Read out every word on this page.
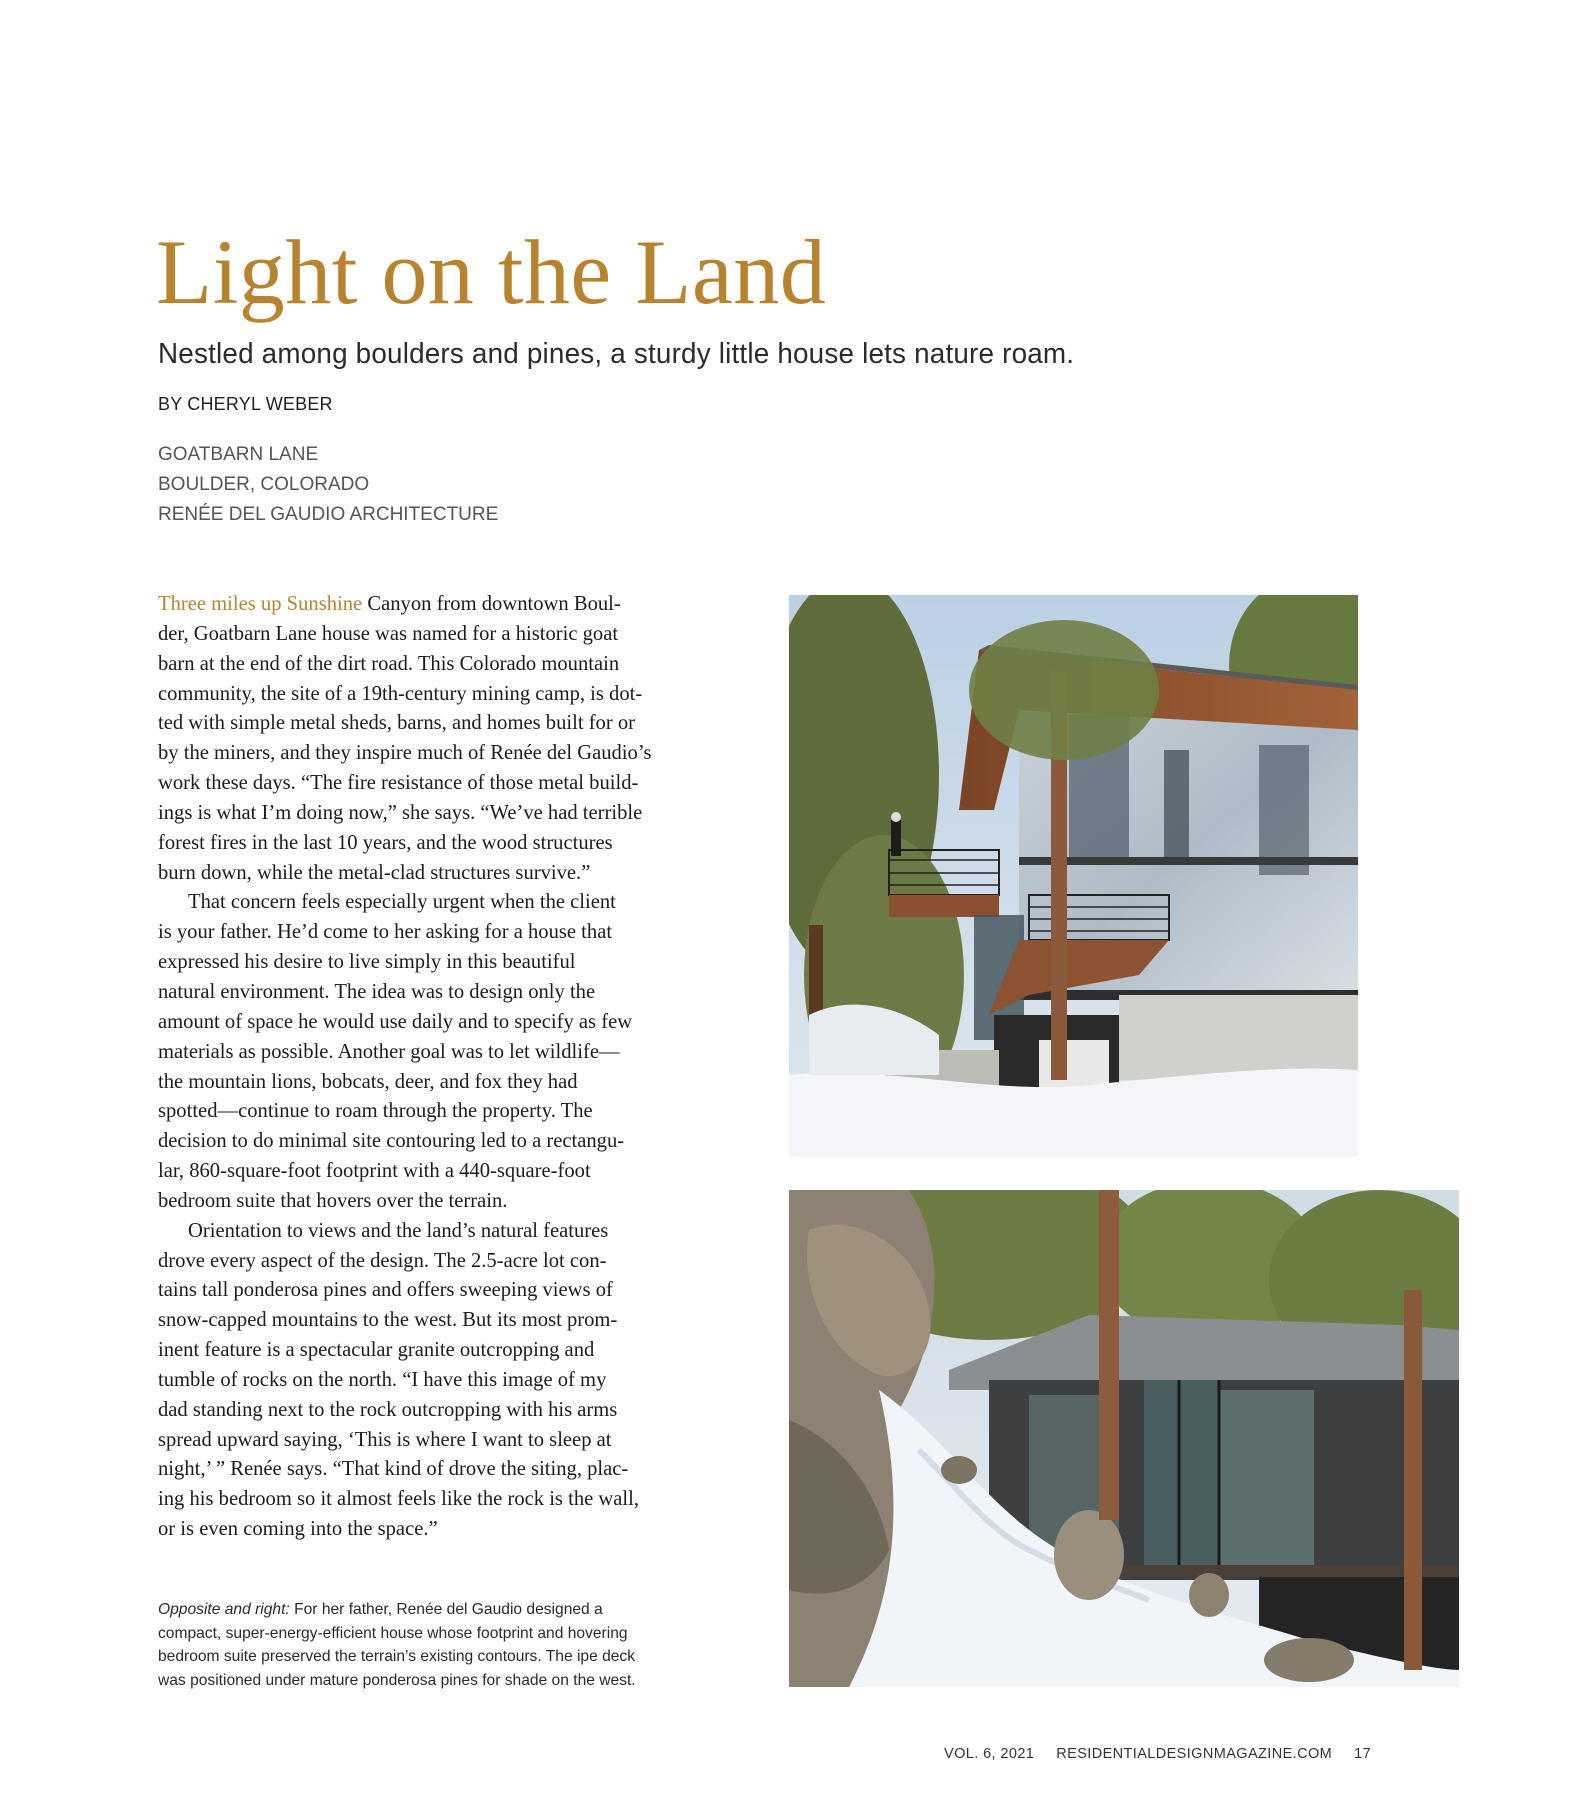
Light on the Land
Nestled among boulders and pines, a sturdy little house lets nature roam.
BY CHERYL WEBER
GOATBARN LANE
BOULDER, COLORADO
RENÉE DEL GAUDIO ARCHITECTURE

Three miles up Sunshine Canyon from downtown Boul-
der, Goatbarn Lane house was named for a historic goat
barn at the end of the dirt road. This Colorado mountain
community, the site of a 19th-century mining camp, is dot-
ted with simple metal sheds, barns, and homes built for or
by the miners, and they inspire much of Renée del Gaudio’s
work these days. “The fire resistance of those metal build-
ings is what I’m doing now,” she says. “We’ve had terrible
forest fires in the last 10 years, and the wood structures
burn down, while the metal-clad structures survive.”

That concern feels especially urgent when the client
is your father. He’d come to her asking for a house that
expressed his desire to live simply in this beautiful
natural environment. The idea was to design only the
amount of space he would use daily and to specify as few
materials as possible. Another goal was to let wildlife—
the mountain lions, bobcats, deer, and fox they had
spotted—continue to roam through the property. The
decision to do minimal site contouring led to a rectangu-
lar, 860-square-foot footprint with a 440-square-foot
bedroom suite that hovers over the terrain.

Orientation to views and the land’s natural features
drove every aspect of the design. The 2.5-acre lot con-
tains tall ponderosa pines and offers sweeping views of
snow-capped mountains to the west. But its most prom-
inent feature is a spectacular granite outcropping and
tumble of rocks on the north. “I have this image of my
dad standing next to the rock outcropping with his arms
spread upward saying, ‘This is where I want to sleep at
night,’ ” Renée says. “That kind of drove the siting, plac-
ing his bedroom so it almost feels like the rock is the wall,
or is even coming into the space.”

Opposite and right: For her father, Renée del Gaudio designed a
compact, super-energy-efficient house whose footprint and hovering
bedroom suite preserved the terrain’s existing contours. The ipe deck
was positioned under mature ponderosa pines for shade on the west.
VOL. 6, 2021 RESIDENTIALDESIGNMAGAZINE.COM 17
